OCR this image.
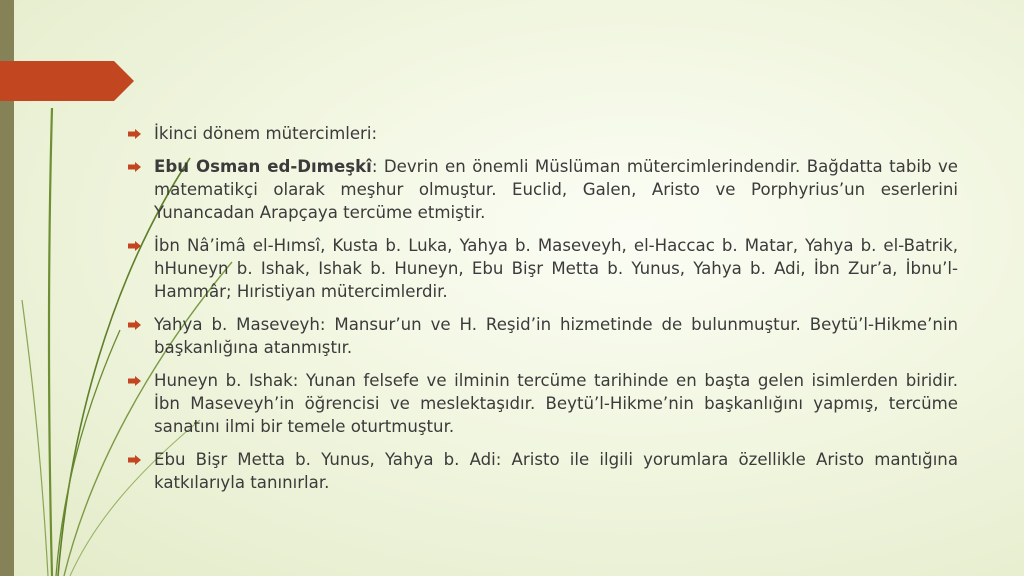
İkinci dönem mütercimleri:
Ebu Osman ed-Dımeşkî: Devrin en önemli Müslüman mütercimlerindendir. Bağdatta tabib ve matematikçi olarak meşhur olmuştur. Euclid, Galen, Aristo ve Porphyrius’un eserlerini Yunancadan Arapçaya tercüme etmiştir.
İbn Nâ’imâ el-Hımsî, Kusta b. Luka, Yahya b. Maseveyh, el-Haccac b. Matar, Yahya b. el-Batrik, hHuneyn b. Ishak, Ishak b. Huneyn, Ebu Bişr Metta b. Yunus, Yahya b. Adi, İbn Zur’a, İbnu’l-Hammâr; Hıristiyan mütercimlerdir.
Yahya b. Maseveyh: Mansur’un ve H. Reşid’in hizmetinde de bulunmuştur. Beytü’l-Hikme’nin başkanlığına atanmıştır.
Huneyn b. Ishak: Yunan felsefe ve ilminin tercüme tarihinde en başta gelen isimlerden biridir. İbn Maseveyh’in öğrencisi ve meslektaşıdır. Beytü’l-Hikme’nin başkanlığını yapmış, tercüme sanatını ilmi bir temele oturtmuştur.
Ebu Bişr Metta b. Yunus, Yahya b. Adi: Aristo ile ilgili yorumlara özellikle Aristo mantığına katkılarıyla tanınırlar.
